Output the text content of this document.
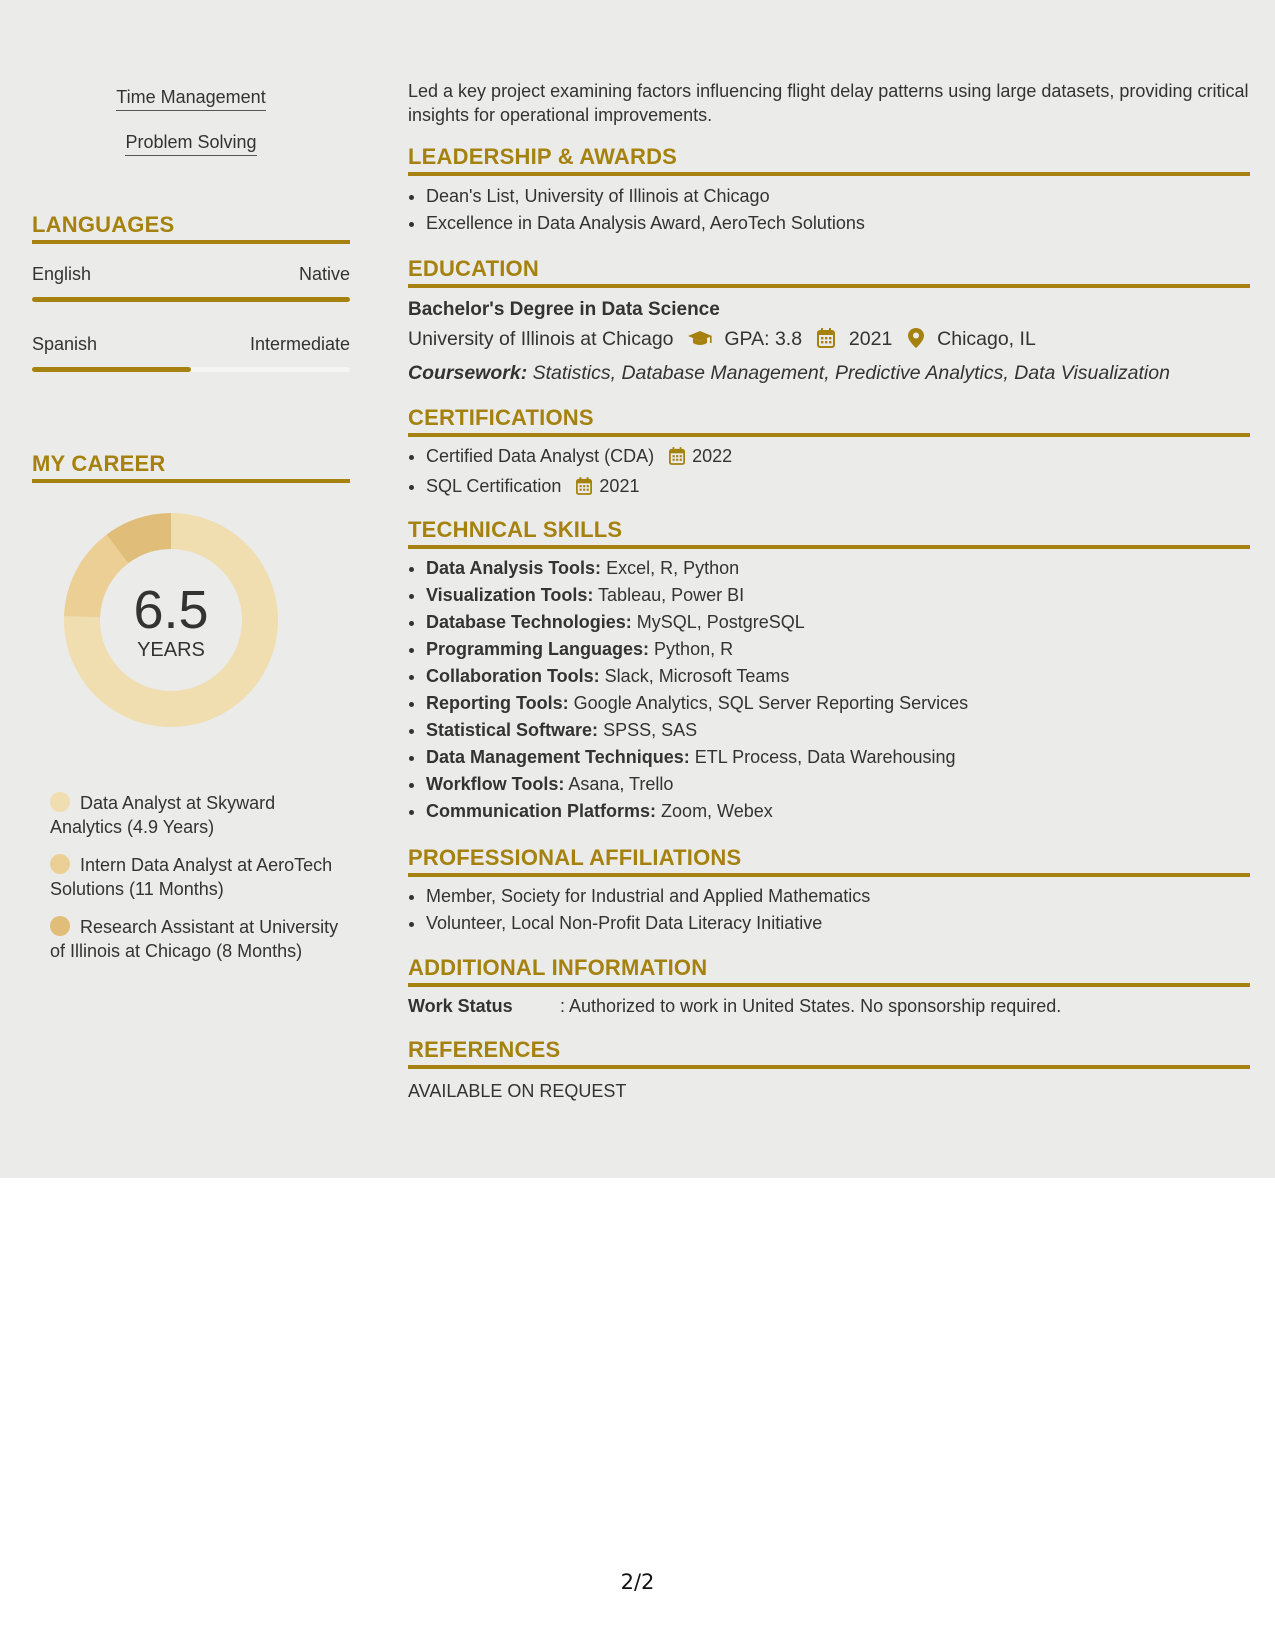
Time Management
Problem Solving
LANGUAGES
English	Native
Spanish	Intermediate
MY CAREER
6.5
YEARS
Data Analyst at Skyward Analytics (4.9 Years)
Intern Data Analyst at AeroTech Solutions (11 Months)
Research Assistant at University of Illinois at Chicago (8 Months)

Led a key project examining factors influencing flight delay patterns using large datasets, providing critical insights for operational improvements.

LEADERSHIP & AWARDS
• Dean's List, University of Illinois at Chicago
• Excellence in Data Analysis Award, AeroTech Solutions
EDUCATION
Bachelor's Degree in Data Science
University of Illinois at Chicago	GPA: 3.8 2021 Chicago, IL
Coursework: Statistics, Database Management, Predictive Analytics, Data Visualization
CERTIFICATIONS
• Certified Data Analyst (CDA) 2022
• SQL Certification 2021
TECHNICAL SKILLS
• Data Analysis Tools: Excel, R, Python
• Visualization Tools: Tableau, Power BI
• Database Technologies: MySQL, PostgreSQL
• Programming Languages: Python, R
• Collaboration Tools: Slack, Microsoft Teams
• Reporting Tools: Google Analytics, SQL Server Reporting Services
• Statistical Software: SPSS, SAS
• Data Management Techniques: ETL Process, Data Warehousing
• Workflow Tools: Asana, Trello
• Communication Platforms: Zoom, Webex
PROFESSIONAL AFFILIATIONS
• Member, Society for Industrial and Applied Mathematics
• Volunteer, Local Non-Profit Data Literacy Initiative
ADDITIONAL INFORMATION
Work Status	: Authorized to work in United States. No sponsorship required.
REFERENCES
AVAILABLE ON REQUEST
2/2
